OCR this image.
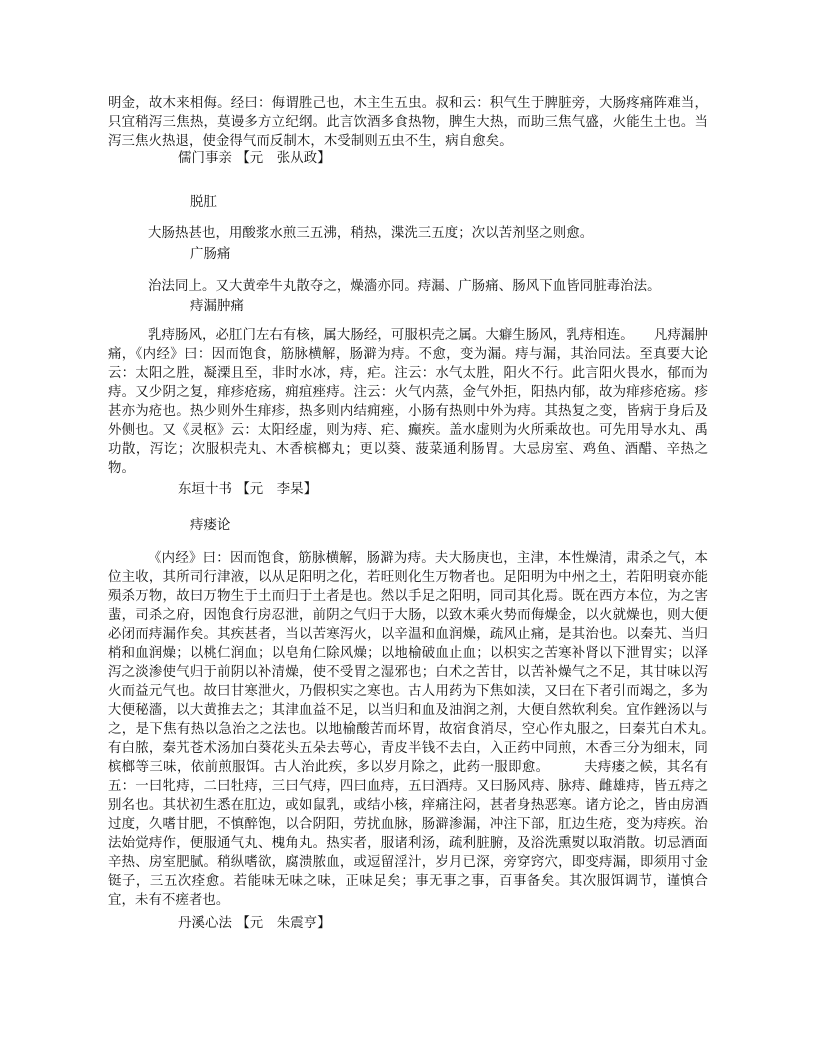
明金，故木来相侮。经曰：侮谓胜己也，木主生五虫。叔和云：积气生于脾脏旁，大肠疼痛阵难当，只宜稍泻三焦热，莫谩多方立纪纲。此言饮酒多食热物，脾生大热，而助三焦气盛，火能生土也。当泻三焦火热退，使金得气而反制木，木受制则五虫不生，病自愈矣。

儒门事亲 【元　张从政】

脱肛

大肠热甚也，用酸浆水煎三五沸，稍热，渫洗三五度；次以苦剂坚之则愈。

广肠痛

治法同上。又大黄牵牛丸散夺之，燥濇亦同。痔漏、广肠痛、肠风下血皆同脏毒治法。

痔漏肿痛

乳痔肠风，必肛门左右有核，属大肠经，可服枳壳之属。大癖生肠风，乳痔相连。　　凡痔漏肿痛，《内经》曰：因而饱食，筋脉横解，肠澼为痔。不愈，变为漏。痔与漏，其治同法。至真要大论云：太阳之胜，凝溧且至，非时水冰，痔，疟。注云：水气太胜，阳火不行。此言阳火畏水，郁而为痔。又少阴之复，痱疹疮疡，痈疽痤痔。注云：火气内蒸，金气外拒，阳热内郁，故为痱疹疮疡。疹甚亦为疮也。热少则外生痱疹，热多则内结痈痤，小肠有热则中外为痔。其热复之变，皆病于身后及外侧也。又《灵枢》云：太阳经虚，则为痔、疟、癫疾。盖水虚则为火所乘故也。可先用导水丸、禹功散，泻讫；次服枳壳丸、木香槟榔丸；更以葵、菠菜通利肠胃。大忌房室、鸡鱼、酒醋、辛热之物。

东垣十书 【元　李杲】

痔瘘论

《内经》曰：因而饱食，筋脉横解，肠澼为痔。夫大肠庚也，主津，本性燥清，肃杀之气，本位主收，其所司行津液，以从足阳明之化，若旺则化生万物者也。足阳明为中州之土，若阳明衰亦能殒杀万物，故曰万物生于土而归于土者是也。然以手足之阳明，同司其化焉。既在西方本位，为之害蜚，司杀之府，因饱食行房忍泄，前阴之气归于大肠，以致木乘火势而侮燥金，以火就燥也，则大便必闭而痔漏作矣。其疾甚者，当以苦寒泻火，以辛温和血润燥，疏风止痛，是其治也。以秦艽、当归梢和血润燥；以桃仁润血；以皂角仁除风燥；以地榆破血止血；以枳实之苦寒补肾以下泄胃实；以泽泻之淡渗使气归于前阴以补清燥，使不受胃之湿邪也；白术之苦甘，以苦补燥气之不足，其甘味以泻火而益元气也。故曰甘寒泄火，乃假枳实之寒也。古人用药为下焦如渎，又曰在下者引而竭之，多为大便秘濇，以大黄推去之；其津血益不足，以当归和血及油润之剂，大便自然软利矣。宜作銼汤以与之，是下焦有热以急治之之法也。以地榆酸苦而坏胃，故宿食消尽，空心作丸服之，曰秦艽白术丸。　　　有白脓，秦艽苍术汤加白葵花头五朵去萼心，青皮半钱不去白，入正药中同煎，木香三分为细末，同槟榔等三味，依前煎服饵。古人治此疾，多以岁月除之，此药一服即愈。　　　夫痔瘘之候，其名有五：一曰牝痔，二曰牡痔，三曰气痔，四曰血痔，五曰酒痔。又曰肠风痔、脉痔、雌雄痔，皆五痔之别名也。其状初生悉在肛边，或如鼠乳，或结小核，痒痛注闷，甚者身热恶寒。诸方论之，皆由房酒过度，久嗜甘肥，不慎醉饱，以合阴阳，劳扰血脉，肠澼渗漏，冲注下部，肛边生疮，变为痔疾。治法始觉痔作，便服通气丸、槐角丸。热实者，服诸利汤，疏利脏腑，及浴洗熏熨以取消散。切忌酒面辛热、房室肥腻。稍纵嗜欲，腐溃脓血，或逗留淫汁，岁月已深，旁穿窍穴，即变痔漏，即须用寸金铤子，三五次痊愈。若能味无味之味，正味足矣；事无事之事，百事备矣。其次服饵调节，谨慎合宜，未有不瘥者也。

丹溪心法 【元　朱震亨】
